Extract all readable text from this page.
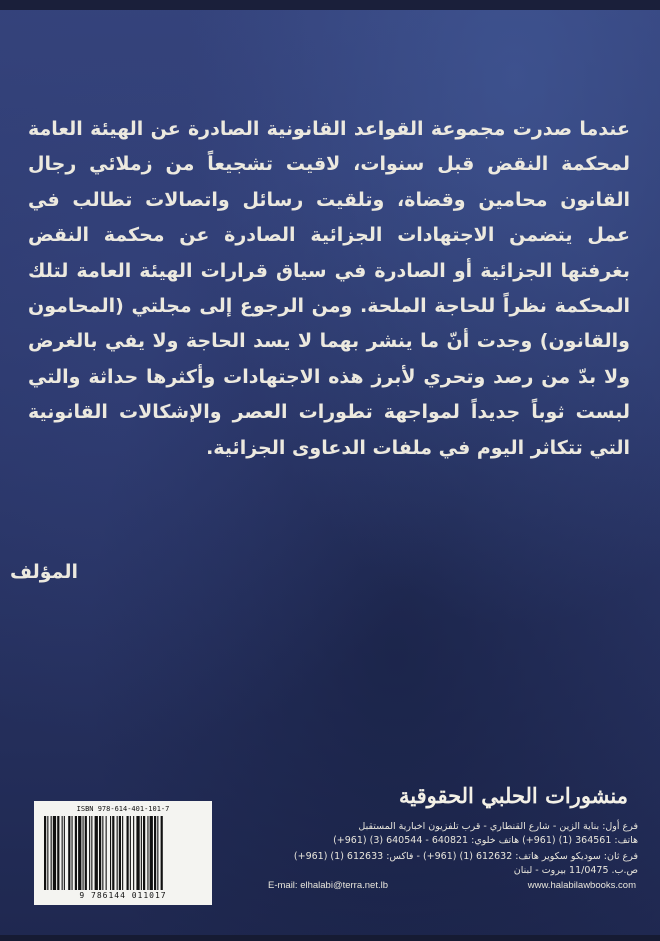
عندما صدرت مجموعة القواعد القانونية الصادرة عن الهيئة العامة لمحكمة النقض قبل سنوات، لاقيت تشجيعاً من زملائي رجال القانون محامين وقضاة، وتلقيت رسائل واتصالات تطالب في عمل يتضمن الاجتهادات الجزائية الصادرة عن محكمة النقض بغرفتها الجزائية أو الصادرة في سياق قرارات الهيئة العامة لتلك المحكمة نظراً للحاجة الملحة. ومن الرجوع إلى مجلتي (المحامون والقانون) وجدت أنّ ما ينشر بهما لا يسد الحاجة ولا يفي بالغرض ولا بدّ من رصد وتحري لأبرز هذه الاجتهادات وأكثرها حداثة والتي لبست ثوباً جديداً لمواجهة تطورات العصر والإشكالات القانونية التي تتكاثر اليوم في ملفات الدعاوى الجزائية.

المؤلف

ISBN 978-614-401-101-7

9 786144 011017

منشورات الحلبي الحقوقية

فرع أول: بناية الزين - شارع القنطاري - قرب تلفزيون اخبارية المستقبل

هاتف: 364561 (1) (961+) هاتف خلوي: 640821 - 640544 (3) (961+)

فرع ثان: سوديكو سكوير هاتف: 612632 (1) (961+) - فاكس: 612633 (1) (961+)

ص.ب. 11/0475 بيروت - لبنان

E-mail: elhalabi@terra.net.lb	www.halabilawbooks.com
